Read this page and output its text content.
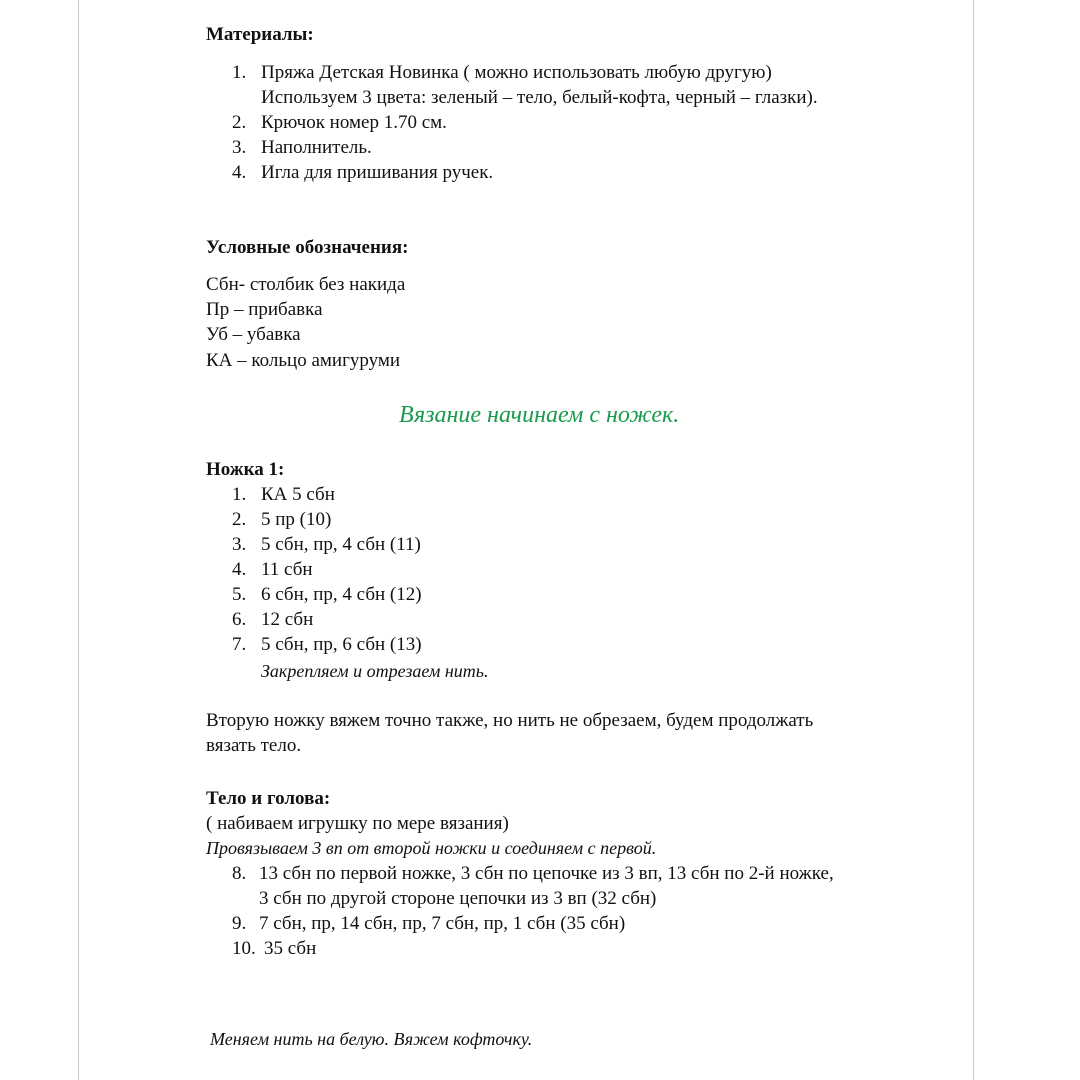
Материалы:
1. Пряжа Детская Новинка ( можно использовать любую другую)
Используем 3 цвета: зеленый – тело, белый-кофта, черный – глазки).
2. Крючок номер 1.70 см.
3. Наполнитель.
4. Игла для пришивания ручек.
Условные обозначения:
Сбн- столбик без накида
Пр – прибавка
Уб – убавка
КА – кольцо амигуруми
Вязание начинаем с ножек.
Ножка 1:
1. КА 5 сбн
2. 5 пр (10)
3. 5 сбн, пр, 4 сбн (11)
4. 11 сбн
5. 6 сбн, пр, 4 сбн (12)
6. 12 сбн
7. 5 сбн, пр, 6 сбн (13)
Закрепляем и отрезаем нить.
Вторую ножку вяжем точно также, но нить не обрезаем, будем продолжать
вязать тело.
Тело и голова:
( набиваем игрушку по мере вязания)
Провязываем 3 вп от второй ножки и соединяем с первой.
8. 13 сбн по первой ножке, 3 сбн по цепочке из 3 вп, 13 сбн по 2-й ножке,
3 сбн по другой стороне цепочки из 3 вп (32 сбн)
9. 7 сбн, пр, 14 сбн, пр, 7 сбн, пр, 1 сбн (35 сбн)
10. 35 сбн
Меняем нить на белую. Вяжем кофточку.
